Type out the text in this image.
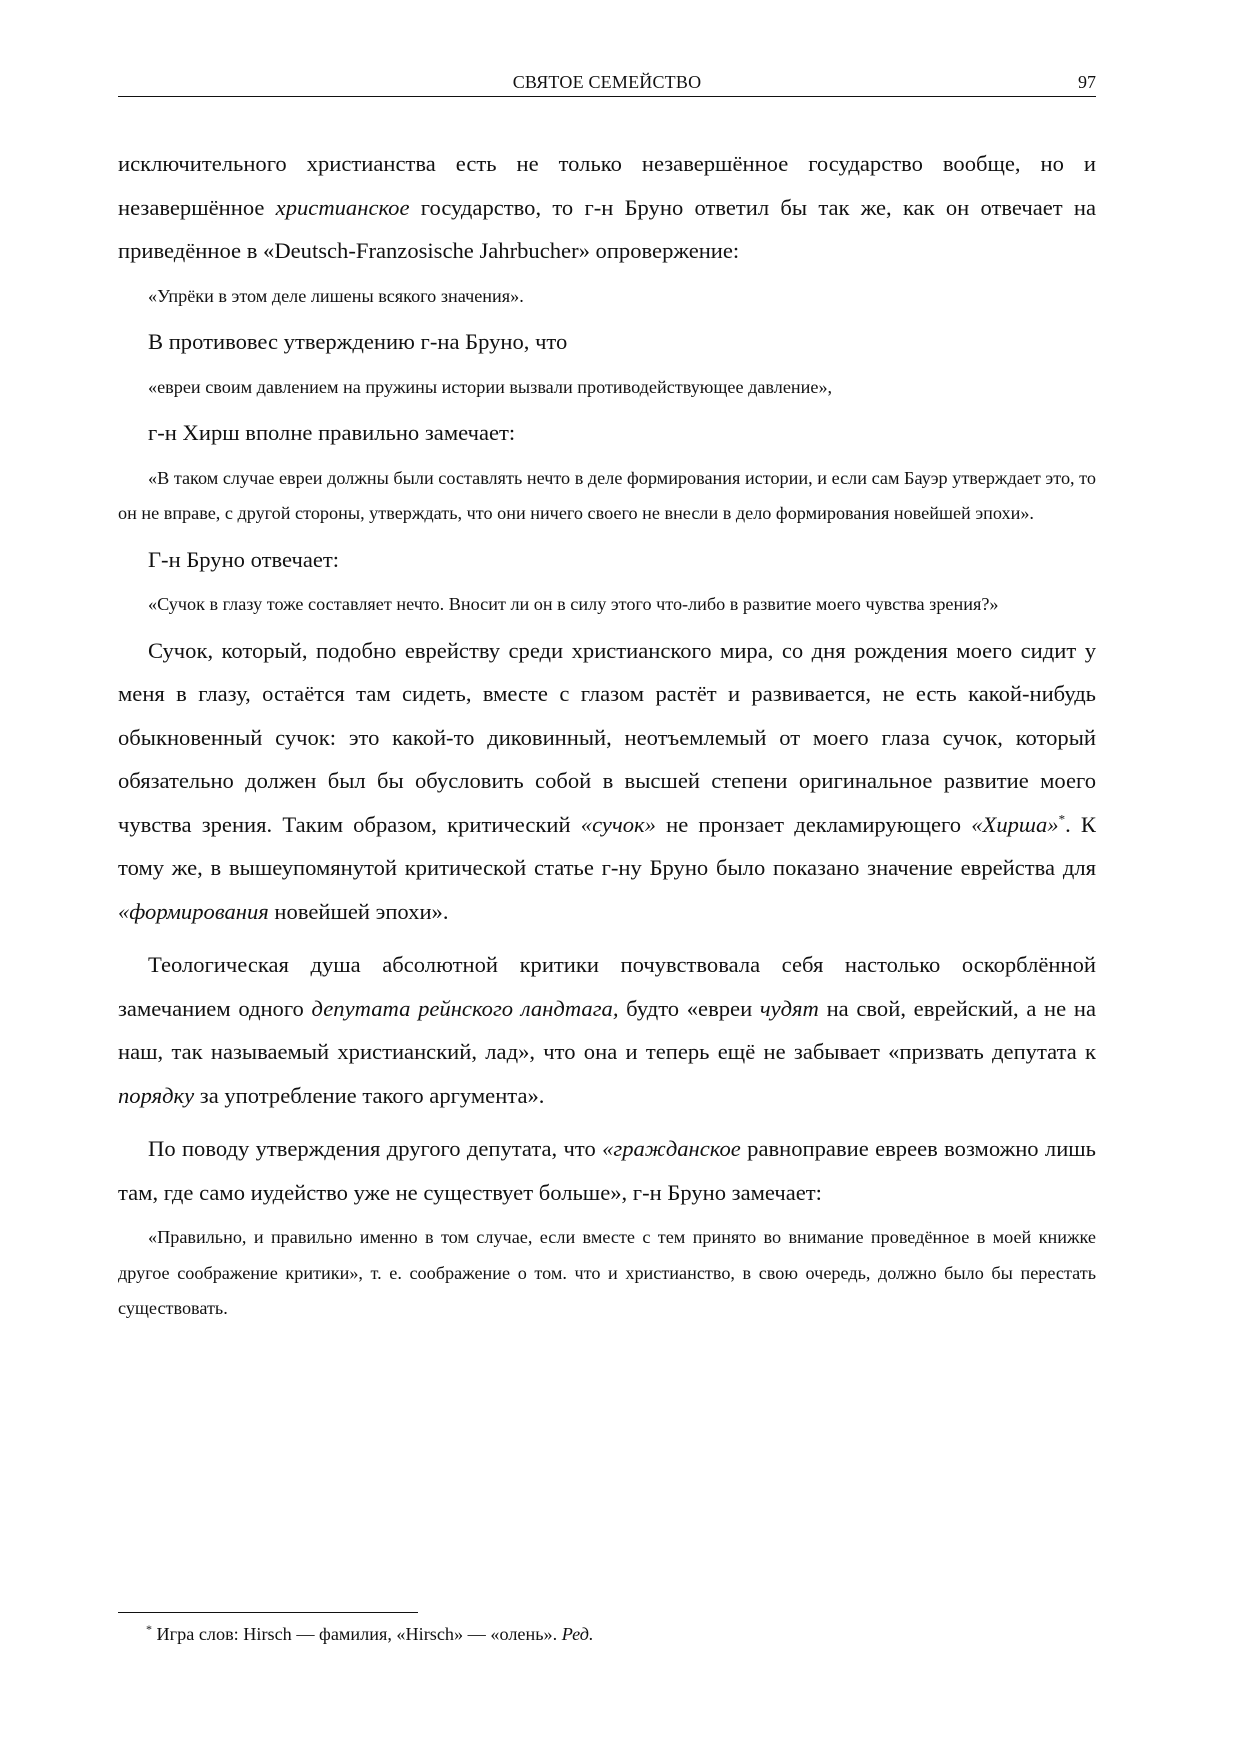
СВЯТОЕ СЕМЕЙСТВО	97

исключительного христианства есть не только незавершённое государство вообще, но и незавершённое христианское государство, то г-н Бруно ответил бы так же, как он отвечает на приведённое в «Deutsch-Franzosische Jahrbucher» опровержение:

«Упрёки в этом деле лишены всякого значения».

В противовес утверждению г-на Бруно, что

«евреи своим давлением на пружины истории вызвали противодействующее давление»,

г-н Хирш вполне правильно замечает:

«В таком случае евреи должны были составлять нечто в деле формирования истории, и если сам Бауэр утверждает это, то он не вправе, с другой стороны, утверждать, что они ничего своего не внесли в дело формирования новейшей эпохи».

Г-н Бруно отвечает:

«Сучок в глазу тоже составляет нечто. Вносит ли он в силу этого что-либо в развитие моего чувства зрения?»

Сучок, который, подобно еврейству среди христианского мира, со дня рождения моего сидит у меня в глазу, остаётся там сидеть, вместе с глазом растёт и развивается, не есть какой-нибудь обыкновенный сучок: это какой-то диковинный, неотъемлемый от моего глаза сучок, который обязательно должен был бы обусловить собой в высшей степени оригинальное развитие моего чувства зрения. Таким образом, критический «сучок» не пронзает декламирующего «Хирша»*. К тому же, в вышеупомянутой критической статье г-ну Бруно было показано значение еврейства для «формирования новейшей эпохи».

Теологическая душа абсолютной критики почувствовала себя настолько оскорблённой замечанием одного депутата рейнского ландтага, будто «евреи чудят на свой, еврейский, а не на наш, так называемый христианский, лад», что она и теперь ещё не забывает «призвать депутата к порядку за употребление такого аргумента».

По поводу утверждения другого депутата, что «гражданское равноправие евреев возможно лишь там, где само иудейство уже не существует больше», г-н Бруно замечает:

«Правильно, и правильно именно в том случае, если вместе с тем принято во внимание проведённое в моей книжке другое соображение критики», т. е. соображение о том. что и христианство, в свою очередь, должно было бы перестать существовать.

* Игра слов: Hirsch — фамилия, «Hirsch» — «олень». Ред.
